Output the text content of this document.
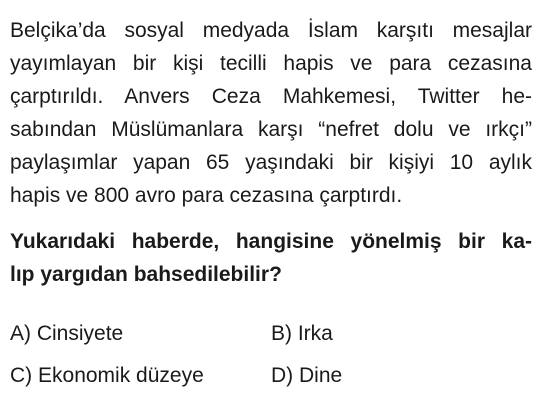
Belçika’da sosyal medyada İslam karşıtı mesajlar
yayımlayan bir kişi tecilli hapis ve para cezasına
çarptırıldı. Anvers Ceza Mahkemesi, Twitter he-
sabından Müslümanlara karşı “nefret dolu ve ırkçı”
paylaşımlar yapan 65 yaşındaki bir kişiyi 10 aylık
hapis ve 800 avro para cezasına çarptırdı.
Yukarıdaki haberde, hangisine yönelmiş bir ka-
lıp yargıdan bahsedilebilir?
A) Cinsiyete	B) Irka
C) Ekonomik düzeye	D) Dine
